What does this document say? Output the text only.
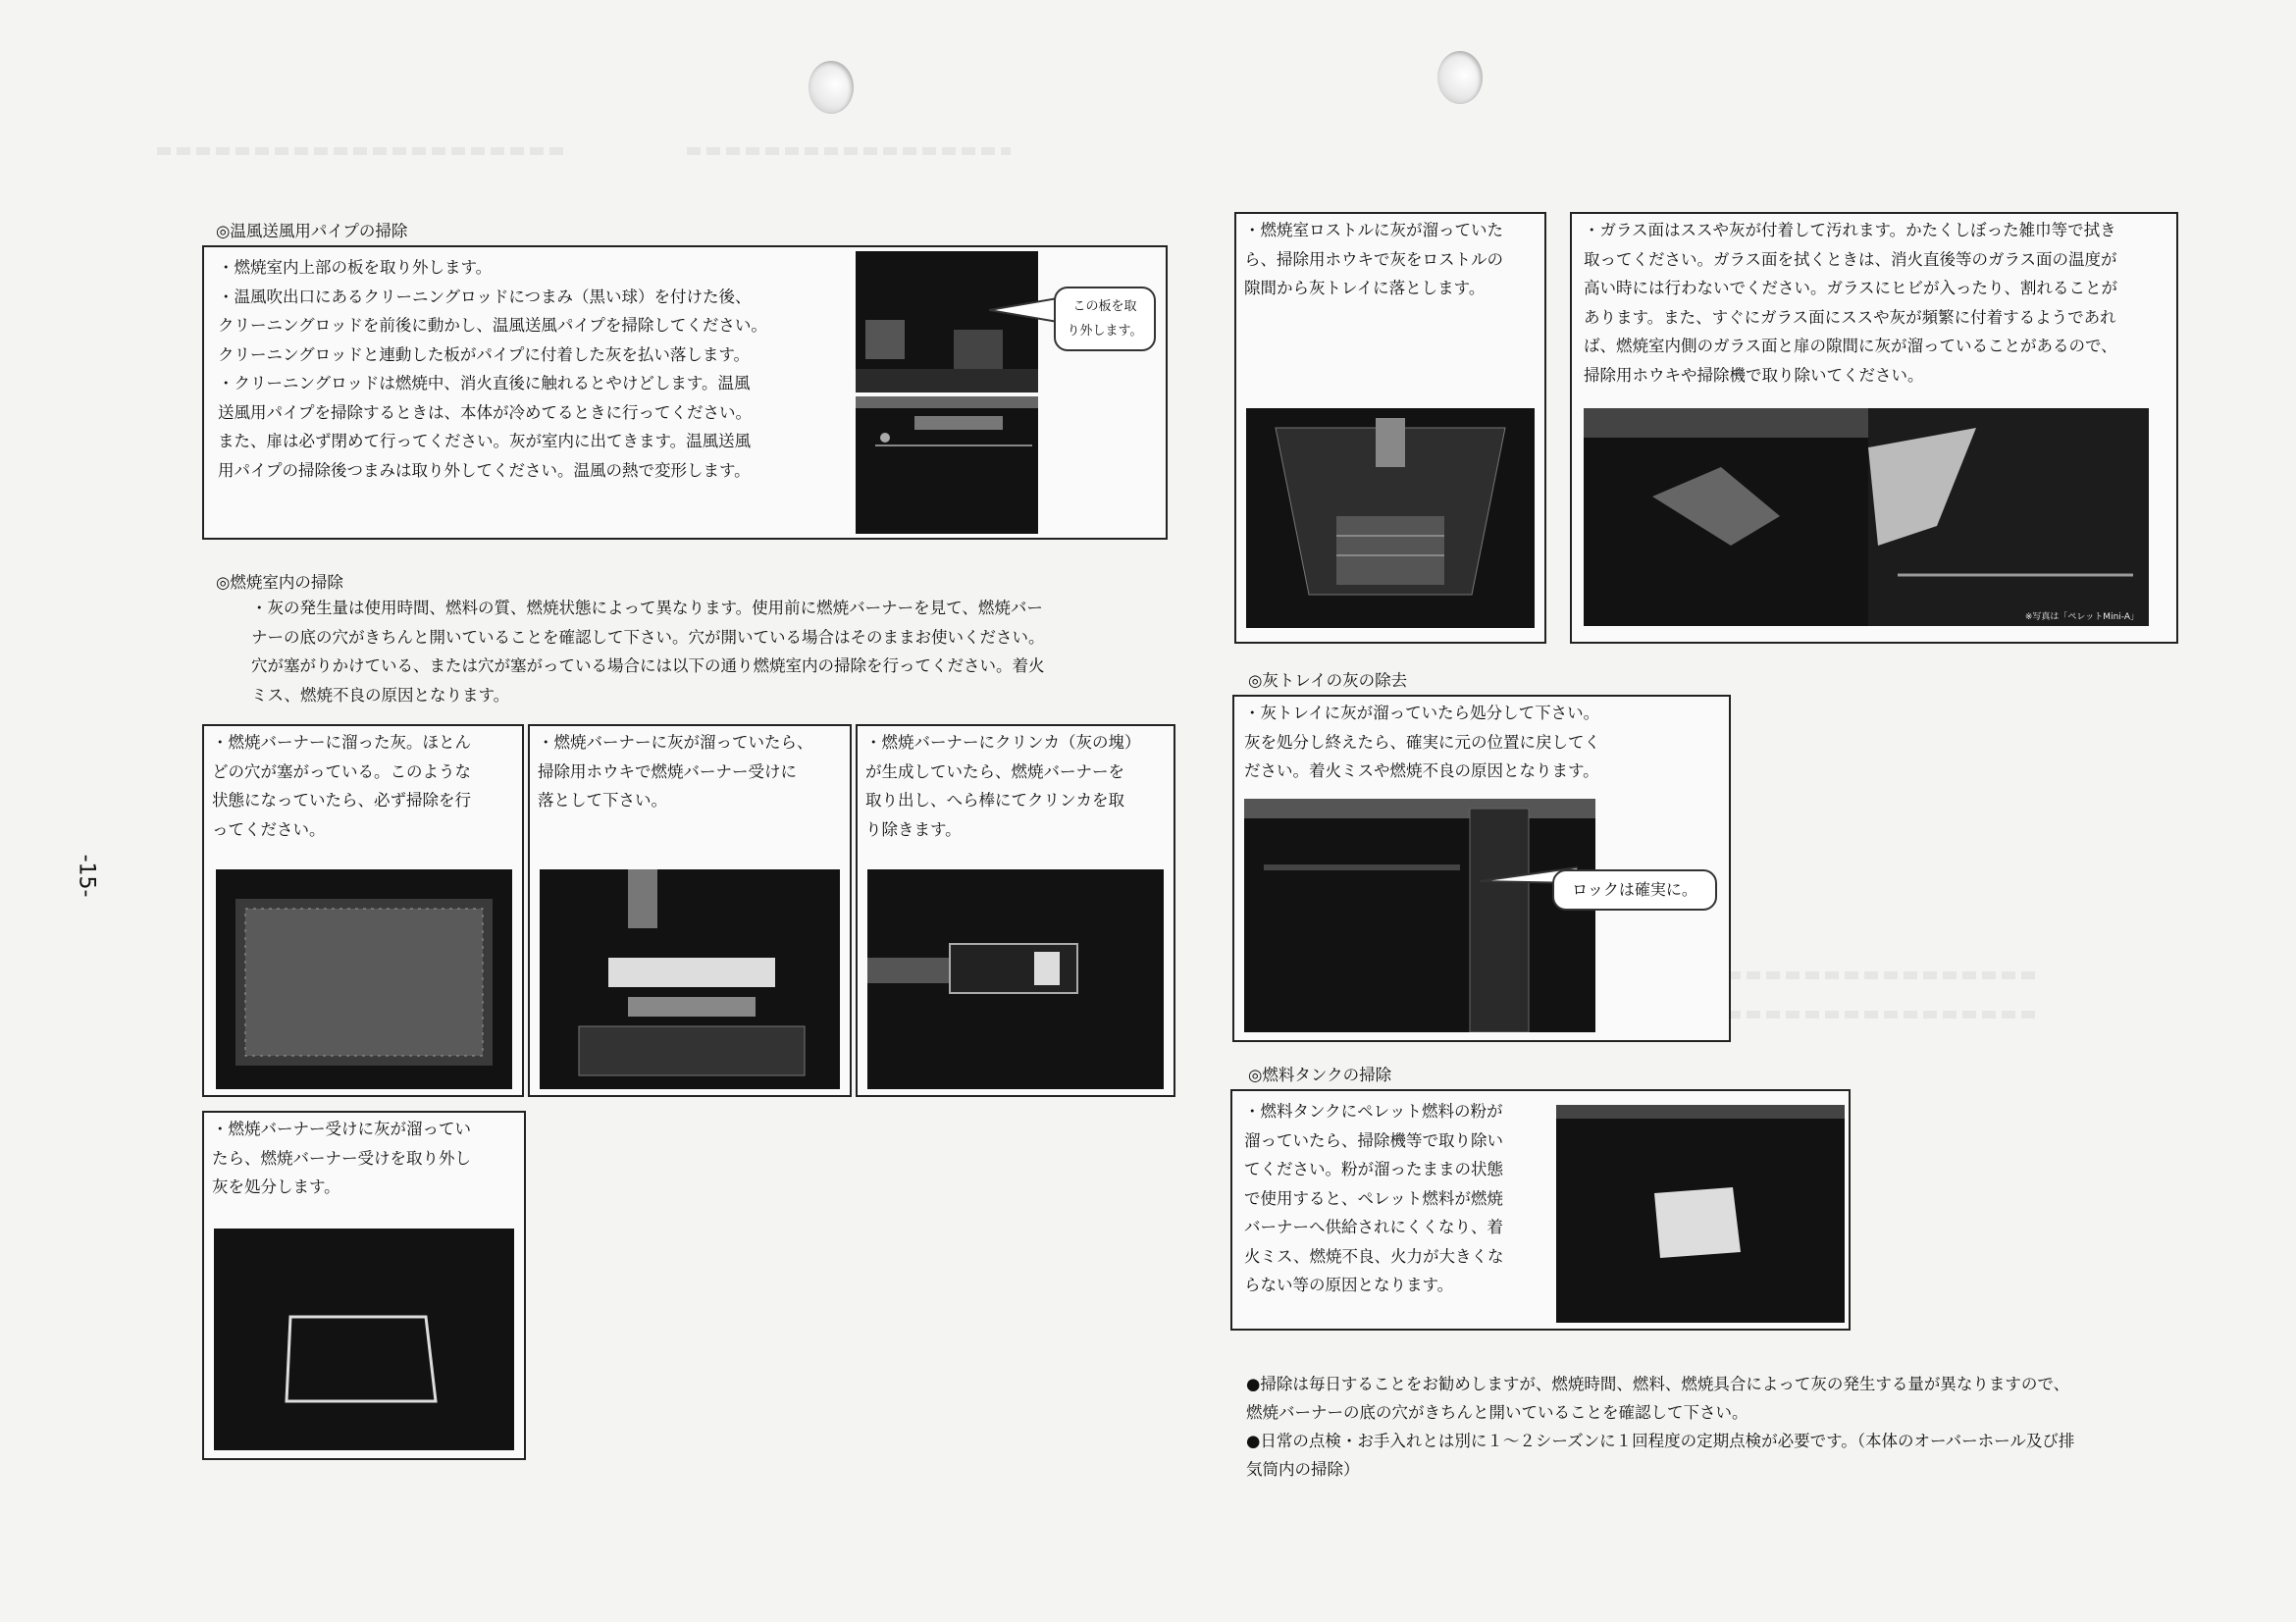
-15-
◎温風送風用パイプの掃除
・燃焼室内上部の板を取り外します。
・温風吹出口にあるクリーニングロッドにつまみ（黒い球）を付けた後、
クリーニングロッドを前後に動かし、温風送風パイプを掃除してください。
クリーニングロッドと連動した板がパイプに付着した灰を払い落します。
・クリーニングロッドは燃焼中、消火直後に触れるとやけどします。温風
送風用パイプを掃除するときは、本体が冷めてるときに行ってください。
また、扉は必ず閉めて行ってください。灰が室内に出てきます。温風送風
用パイプの掃除後つまみは取り外してください。温風の熱で変形します。
この板を取
り外します。
◎燃焼室内の掃除
・灰の発生量は使用時間、燃料の質、燃焼状態によって異なります。使用前に燃焼バーナーを見て、燃焼バー
ナーの底の穴がきちんと開いていることを確認して下さい。穴が開いている場合はそのままお使いください。
穴が塞がりかけている、または穴が塞がっている場合には以下の通り燃焼室内の掃除を行ってください。着火
ミス、燃焼不良の原因となります。
・燃焼バーナーに溜った灰。ほとん
どの穴が塞がっている。このような
状態になっていたら、必ず掃除を行
ってください。
・燃焼バーナーに灰が溜っていたら、
掃除用ホウキで燃焼バーナー受けに
落として下さい。
・燃焼バーナーにクリンカ（灰の塊）
が生成していたら、燃焼バーナーを
取り出し、へら棒にてクリンカを取
り除きます。
・燃焼バーナー受けに灰が溜ってい
たら、燃焼バーナー受けを取り外し
灰を処分します。
・燃焼室ロストルに灰が溜っていた
ら、掃除用ホウキで灰をロストルの
隙間から灰トレイに落とします。
・ガラス面はススや灰が付着して汚れます。かたくしぼった雑巾等で拭き
取ってください。ガラス面を拭くときは、消火直後等のガラス面の温度が
高い時には行わないでください。ガラスにヒビが入ったり、割れることが
あります。また、すぐにガラス面にススや灰が頻繁に付着するようであれ
ば、燃焼室内側のガラス面と扉の隙間に灰が溜っていることがあるので、
掃除用ホウキや掃除機で取り除いてください。
※写真は「ペレットMini-A」
◎灰トレイの灰の除去
・灰トレイに灰が溜っていたら処分して下さい。
灰を処分し終えたら、確実に元の位置に戻してく
ださい。着火ミスや燃焼不良の原因となります。
ロックは確実に。
◎燃料タンクの掃除
・燃料タンクにペレット燃料の粉が
溜っていたら、掃除機等で取り除い
てください。粉が溜ったままの状態
で使用すると、ペレット燃料が燃焼
バーナーへ供給されにくくなり、着
火ミス、燃焼不良、火力が大きくな
らない等の原因となります。
●掃除は毎日することをお勧めしますが、燃焼時間、燃料、燃焼具合によって灰の発生する量が異なりますので、
燃焼バーナーの底の穴がきちんと開いていることを確認して下さい。
●日常の点検・お手入れとは別に１～２シーズンに１回程度の定期点検が必要です。（本体のオーバーホール及び排
気筒内の掃除）
